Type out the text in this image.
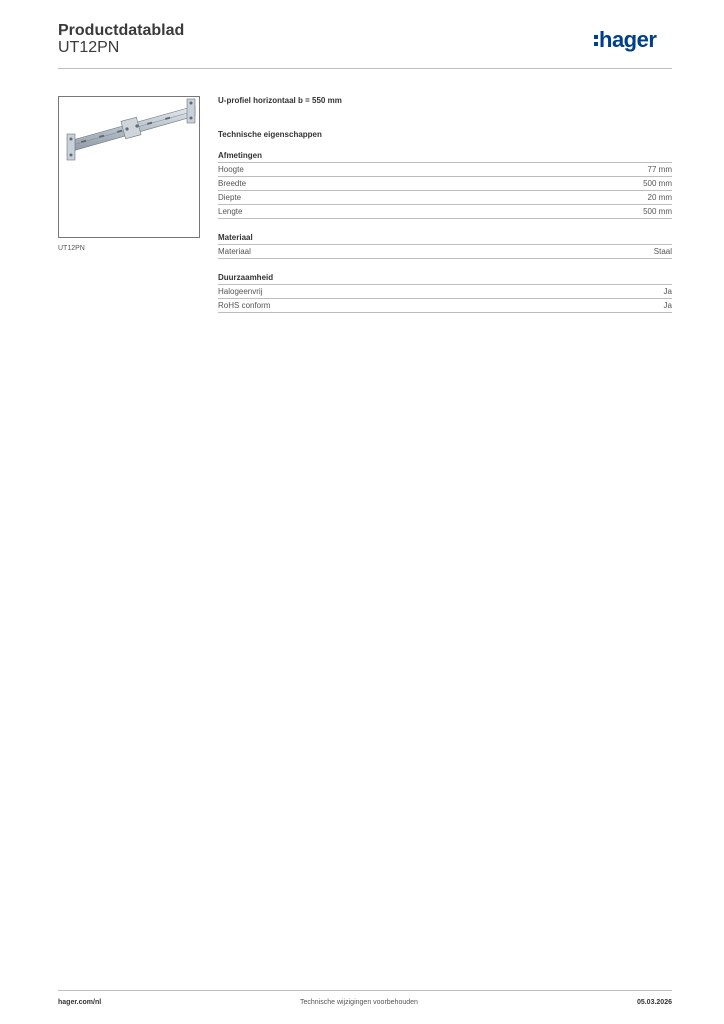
Productdatablad
UT12PN	hager
UT12PN
U-profiel horizontaal b = 550 mm
Technische eigenschappen
Afmetingen
Hoogte	77 mm
Breedte	500 mm
Diepte	20 mm
Lengte	500 mm
Materiaal
Materiaal	Staal
Duurzaamheid
Halogeenvrij	Ja
RoHS conform	Ja
hager.com/nl	Technische wijzigingen voorbehouden	05.03.2026
